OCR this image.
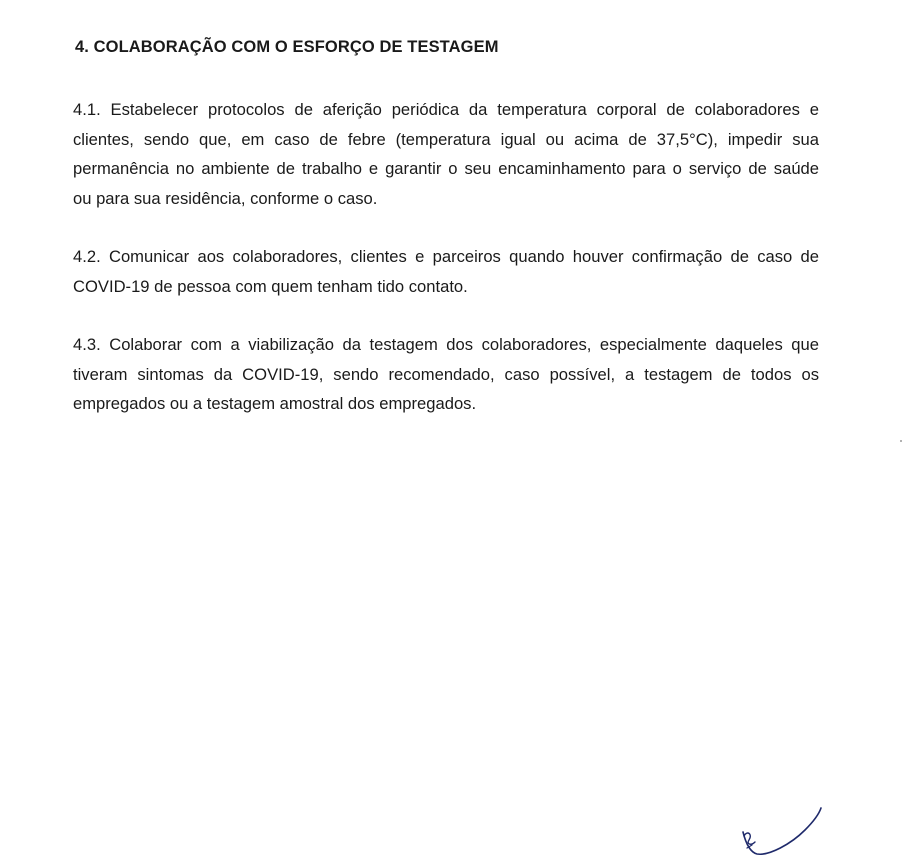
4. COLABORAÇÃO COM O ESFORÇO DE TESTAGEM
4.1. Estabelecer protocolos de aferição periódica da temperatura corporal de colaboradores e
clientes, sendo que, em caso de febre (temperatura igual ou acima de 37,5°C), impedir sua
permanência no ambiente de trabalho e garantir o seu encaminhamento para o serviço de saúde
ou para sua residência, conforme o caso.
4.2. Comunicar aos colaboradores, clientes e parceiros quando houver confirmação de caso de
COVID-19 de pessoa com quem tenham tido contato.
4.3. Colaborar com a viabilização da testagem dos colaboradores, especialmente daqueles que
tiveram sintomas da COVID-19, sendo recomendado, caso possível, a testagem de todos os
empregados ou a testagem amostral dos empregados.
